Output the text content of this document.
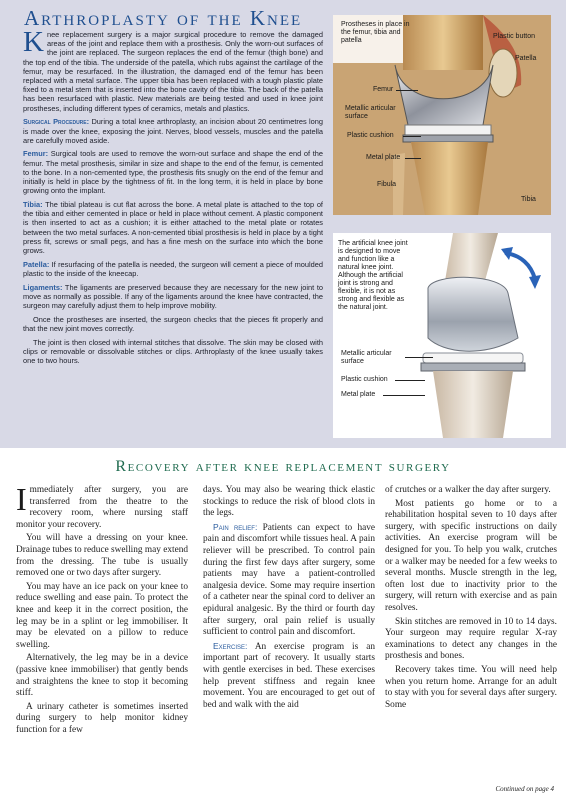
Arthroplasty of the Knee

Knee replacement surgery is a major surgical procedure to remove the damaged areas of the joint and replace them with a prosthesis. Only the worn-out surfaces of the joint are replaced. The surgeon replaces the end of the femur (thigh bone) and the top end of the tibia. The underside of the patella, which rubs against the cartilage of the femur, may be resurfaced. In the illustration, the damaged end of the femur has been replaced with a metal surface. The upper tibia has been replaced with a tough plastic plate fixed to a metal stem that is inserted into the bone cavity of the tibia. The back of the patella has been resurfaced with plastic. New materials are being tested and used in knee joint prostheses, including different types of ceramics, metals and plastics.

Surgical Procedure: During a total knee arthroplasty, an incision about 20 centimetres long is made over the knee, exposing the joint. Nerves, blood vessels, muscles and the patella are carefully moved aside.

Femur: Surgical tools are used to remove the worn-out surface and shape the end of the femur. The metal prosthesis, similar in size and shape to the end of the femur, is cemented to the bone. In a non-cemented type, the prosthesis fits snugly on the end of the femur and initially is held in place by the tightness of fit. In the long term, it is held in place by bone growing onto the implant.

Tibia: The tibial plateau is cut flat across the bone. A metal plate is attached to the top of the tibia and either cemented in place or held in place without cement. A plastic component is then inserted to act as a cushion; it is either attached to the metal plate or rotates between the two metal surfaces. A non-cemented tibial prosthesis is held in place by a tight press fit, screws or small pegs, and has a fine mesh on the surface into which the bone grows.

Patella: If resurfacing of the patella is needed, the surgeon will cement a piece of moulded plastic to the inside of the kneecap.

Ligaments: The ligaments are preserved because they are necessary for the new joint to move as normally as possible. If any of the ligaments around the knee have contracted, the surgeon may carefully adjust them to help improve mobility.

Once the prostheses are inserted, the surgeon checks that the pieces fit properly and that the new joint moves correctly.

The joint is then closed with internal stitches that dissolve. The skin may be closed with clips or removable or dissolvable stitches or clips. Arthroplasty of the knee usually takes one to two hours.

Prostheses in place in the femur, tibia and patella
Plastic button
Patella
Femur
Metallic articular surface
Plastic cushion
Metal plate
Fibula
Tibia
The artificial knee joint is designed to move and function like a natural knee joint. Although the artificial joint is strong and flexible, it is not as strong and flexible as the natural joint.
Metallic articular surface
Plastic cushion
Metal plate
Recovery after knee replacement surgery

Immediately after surgery, you are transferred from the theatre to the recovery room, where nursing staff monitor your recovery.

You will have a dressing on your knee. Drainage tubes to reduce swelling may extend from the dressing. The tube is usually removed one or two days after surgery.

You may have an ice pack on your knee to reduce swelling and ease pain. To protect the knee and keep it in the correct position, the leg may be in a splint or leg immobiliser. It may be elevated on a pillow to reduce swelling.

Alternatively, the leg may be in a device (passive knee immobiliser) that gently bends and straightens the knee to stop it becoming stiff.

A urinary catheter is sometimes inserted during surgery to help monitor kidney function for a few

days. You may also be wearing thick elastic stockings to reduce the risk of blood clots in the legs.

Pain relief: Patients can expect to have pain and discomfort while tissues heal. A pain reliever will be prescribed. To control pain during the first few days after surgery, some patients may have a patient-controlled analgesia device. Some may require insertion of a catheter near the spinal cord to deliver an epidural analgesic. By the third or fourth day after surgery, oral pain relief is usually sufficient to control pain and discomfort.

Exercise: An exercise program is an important part of recovery. It usually starts with gentle exercises in bed. These exercises help prevent stiffness and regain knee movement. You are encouraged to get out of bed and walk with the aid

of crutches or a walker the day after surgery.

Most patients go home or to a rehabilitation hospital seven to 10 days after surgery, with specific instructions on daily activities. An exercise program will be designed for you. To help you walk, crutches or a walker may be needed for a few weeks to several months. Muscle strength in the leg, often lost due to inactivity prior to the surgery, will return with exercise and as pain resolves.

Skin stitches are removed in 10 to 14 days. Your surgeon may require regular X-ray examinations to detect any changes in the prosthesis and bones.

Recovery takes time. You will need help when you return home. Arrange for an adult to stay with you for several days after surgery. Some

Continued on page 4
